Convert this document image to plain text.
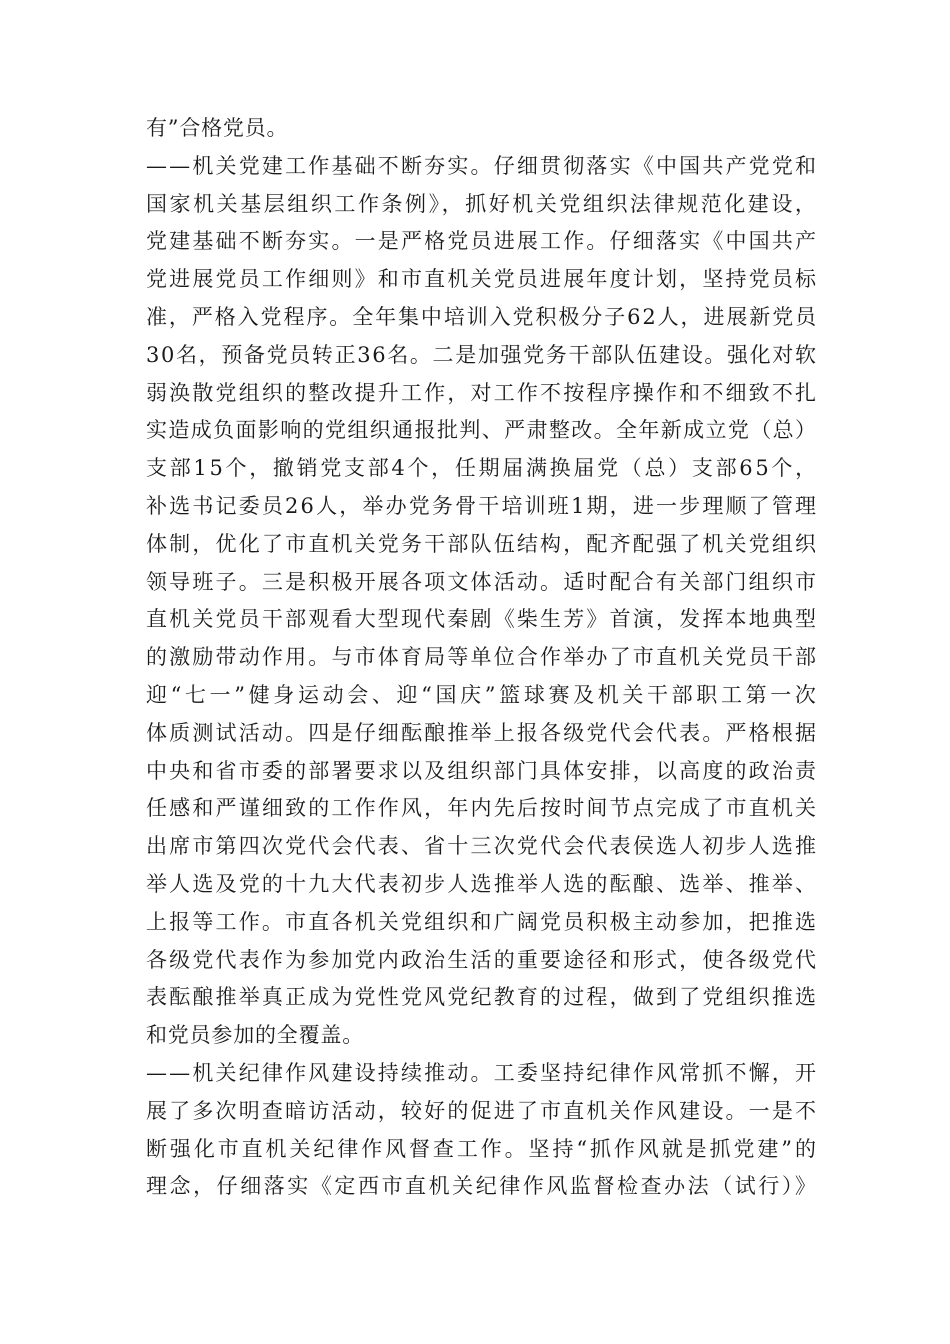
有”合格党员。
——机关党建工作基础不断夯实。仔细贯彻落实《中国共产党党和
国家机关基层组织工作条例》，抓好机关党组织法律规范化建设，
党建基础不断夯实。一是严格党员进展工作。仔细落实《中国共产
党进展党员工作细则》和市直机关党员进展年度计划，坚持党员标
准，严格入党程序。全年集中培训入党积极分子62人，进展新党员
30名，预备党员转正36名。二是加强党务干部队伍建设。强化对软
弱涣散党组织的整改提升工作，对工作不按程序操作和不细致不扎
实造成负面影响的党组织通报批判、严肃整改。全年新成立党（总）
支部15个，撤销党支部4个，任期届满换届党（总）支部65个，
补选书记委员26人，举办党务骨干培训班1期，进一步理顺了管理
体制，优化了市直机关党务干部队伍结构，配齐配强了机关党组织
领导班子。三是积极开展各项文体活动。适时配合有关部门组织市
直机关党员干部观看大型现代秦剧《柴生芳》首演，发挥本地典型
的激励带动作用。与市体育局等单位合作举办了市直机关党员干部
迎“七一”健身运动会、迎“国庆”篮球赛及机关干部职工第一次
体质测试活动。四是仔细酝酿推举上报各级党代会代表。严格根据
中央和省市委的部署要求以及组织部门具体安排，以高度的政治责
任感和严谨细致的工作作风，年内先后按时间节点完成了市直机关
出席市第四次党代会代表、省十三次党代会代表侯选人初步人选推
举人选及党的十九大代表初步人选推举人选的酝酿、选举、推举、
上报等工作。市直各机关党组织和广阔党员积极主动参加，把推选
各级党代表作为参加党内政治生活的重要途径和形式，使各级党代
表酝酿推举真正成为党性党风党纪教育的过程，做到了党组织推选
和党员参加的全覆盖。
——机关纪律作风建设持续推动。工委坚持纪律作风常抓不懈，开
展了多次明查暗访活动，较好的促进了市直机关作风建设。一是不
断强化市直机关纪律作风督查工作。坚持“抓作风就是抓党建”的
理念，仔细落实《定西市直机关纪律作风监督检查办法（试行）》
